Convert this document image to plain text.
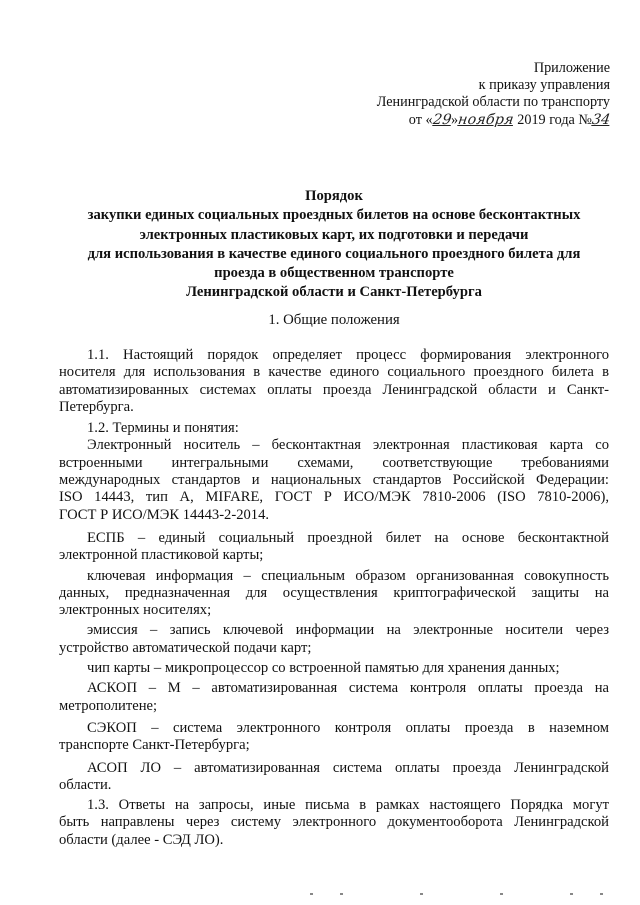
Приложение
к приказу управления
Ленинградской области по транспорту
от «29»ноября 2019 года №34
Порядок
закупки единых социальных проездных билетов на основе бесконтактных
электронных пластиковых карт, их подготовки и передачи
для использования в качестве единого социального проездного билета для
проезда в общественном транспорте
Ленинградской области и Санкт-Петербурга
1. Общие положения
1.1. Настоящий порядок определяет процесс формирования электронного
носителя для использования в качестве единого социального проездного билета в
автоматизированных системах оплаты проезда Ленинградской области и Санкт-
Петербурга.
1.2. Термины и понятия:
Электронный носитель – бесконтактная электронная пластиковая карта со
встроенными интегральными схемами, соответствующие требованиями
международных стандартов и национальных стандартов Российской Федерации:
ISO 14443, тип А, MIFARE, ГОСТ Р ИСО/МЭК 7810-2006 (ISO 7810-2006),
ГОСТ Р ИСО/МЭК 14443-2-2014.
ЕСПБ – единый социальный проездной билет на основе бесконтактной
электронной пластиковой карты;
ключевая информация – специальным образом организованная совокупность
данных, предназначенная для осуществления криптографической защиты на
электронных носителях;
эмиссия – запись ключевой информации на электронные носители через
устройство автоматической подачи карт;
чип карты – микропроцессор со встроенной памятью для хранения данных;
АСКОП – М – автоматизированная система контроля оплаты проезда на
метрополитене;
СЭКОП – система электронного контроля оплаты проезда в наземном
транспорте Санкт-Петербурга;
АСОП ЛО – автоматизированная система оплаты проезда Ленинградской
области.
1.3. Ответы на запросы, иные письма в рамках настоящего Порядка могут
быть направлены через систему электронного документооборота Ленинградской
области (далее - СЭД ЛО).
